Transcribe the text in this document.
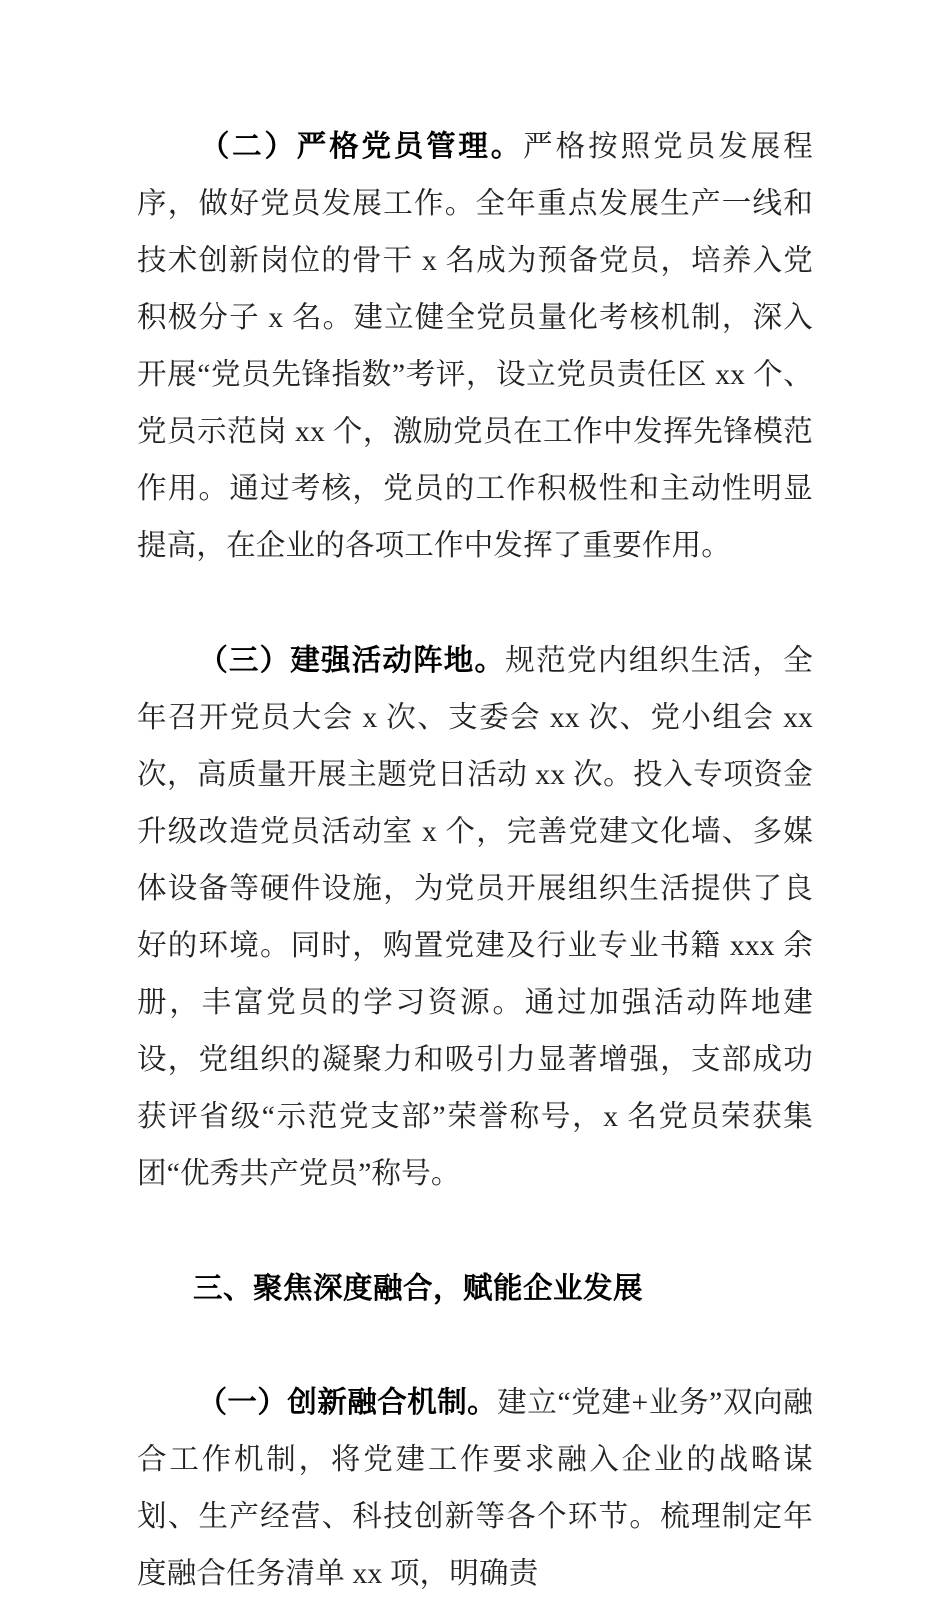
（二）严格党员管理。严格按照党员发展程序，做好党员发展工作。全年重点发展生产一线和技术创新岗位的骨干 x 名成为预备党员，培养入党积极分子 x 名。建立健全党员量化考核机制，深入开展“党员先锋指数”考评，设立党员责任区 xx 个、党员示范岗 xx 个，激励党员在工作中发挥先锋模范作用。通过考核，党员的工作积极性和主动性明显提高，在企业的各项工作中发挥了重要作用。

（三）建强活动阵地。规范党内组织生活，全年召开党员大会 x 次、支委会 xx 次、党小组会 xx 次，高质量开展主题党日活动 xx 次。投入专项资金升级改造党员活动室 x 个，完善党建文化墙、多媒体设备等硬件设施，为党员开展组织生活提供了良好的环境。同时，购置党建及行业专业书籍 xxx 余册，丰富党员的学习资源。通过加强活动阵地建设，党组织的凝聚力和吸引力显著增强，支部成功获评省级“示范党支部”荣誉称号，x 名党员荣获集团“优秀共产党员”称号。

三、聚焦深度融合，赋能企业发展

（一）创新融合机制。建立“党建+业务”双向融合工作机制，将党建工作要求融入企业的战略谋划、生产经营、科技创新等各个环节。梳理制定年度融合任务清单 xx 项，明确责
